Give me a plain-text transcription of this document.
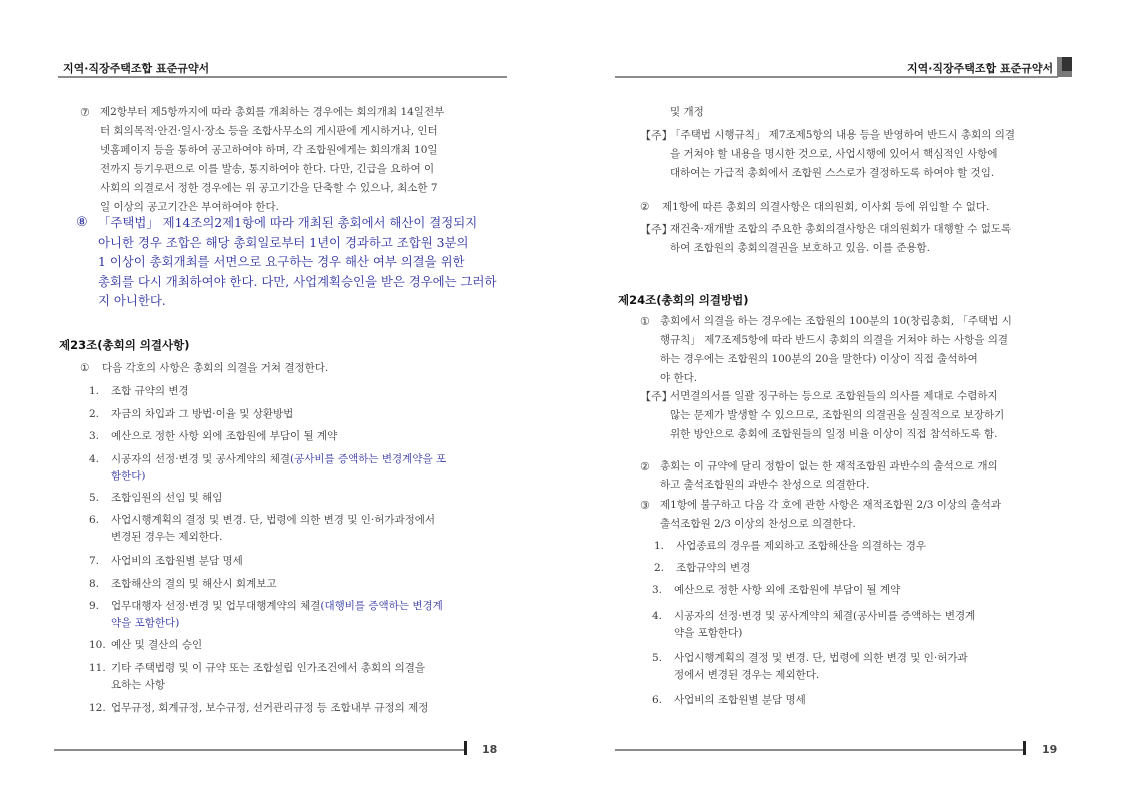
지역·직장주택조합 표준규약서
⑦ 제2항부터 제5항까지에 따라 총회를 개최하는 경우에는 회의개최 14일전부
터 회의목적·안건·일시·장소 등을 조합사무소의 게시판에 게시하거나, 인터
넷홈페이지 등을 통하여 공고하여야 하며, 각 조합원에게는 회의개최 10일
전까지 등기우편으로 이를 발송, 통지하여야 한다. 다만, 긴급을 요하여 이
사회의 의결로서 정한 경우에는 위 공고기간을 단축할 수 있으나, 최소한 7
일 이상의 공고기간은 부여하여야 한다.
⑧ 「주택법」 제14조의2제1항에 따라 개최된 총회에서 해산이 결정되지
아니한 경우 조합은 해당 총회일로부터 1년이 경과하고 조합원 3분의
1 이상이 총회개최를 서면으로 요구하는 경우 해산 여부 의결을 위한
총회를 다시 개최하여야 한다. 다만, 사업계획승인을 받은 경우에는 그러하
지 아니한다.
제23조(총회의 의결사항)
① 다음 각호의 사항은 총회의 의결을 거쳐 결정한다.
1. 조합 규약의 변경
2. 자금의 차입과 그 방법·이율 및 상환방법
3. 예산으로 정한 사항 외에 조합원에 부담이 될 계약
4. 시공자의 선정·변경 및 공사계약의 체결(공사비를 증액하는 변경계약을 포
함한다)
5. 조합임원의 선임 및 해임
6. 사업시행계획의 결정 및 변경. 단, 법령에 의한 변경 및 인·허가과정에서
변경된 경우는 제외한다.
7. 사업비의 조합원별 분담 명세
8. 조합해산의 결의 및 해산시 회계보고
9. 업무대행자 선정·변경 및 업무대행계약의 체결(대행비를 증액하는 변경계
약을 포함한다)
10. 예산 및 결산의 승인
11. 기타 주택법령 및 이 규약 또는 조합설립 인가조건에서 총회의 의결을
요하는 사항
12. 업무규정, 회계규정, 보수규정, 선거관리규정 등 조합내부 규정의 제정
18
지역·직장주택조합 표준규약서
및 개정
【주】
「주택법 시행규칙」 제7조제5항의 내용 등을 반영하여 반드시 총회의 의결
을 거쳐야 할 내용을 명시한 것으로, 사업시행에 있어서 핵심적인 사항에
대하여는 가급적 총회에서 조합원 스스로가 결정하도록 하여야 할 것임.
② 제1항에 따른 총회의 의결사항은 대의원회, 이사회 등에 위임할 수 없다.
【주】
재건축·재개발 조합의 주요한 총회의결사항은 대의원회가 대행할 수 없도록
하여 조합원의 총회의결권을 보호하고 있음. 이를 준용함.
제24조(총회의 의결방법)
① 총회에서 의결을 하는 경우에는 조합원의 100분의 10(창립총회, 「주택법 시
행규칙」 제7조제5항에 따라 반드시 총회의 의결을 거쳐야 하는 사항을 의결
하는 경우에는 조합원의 100분의 20을 말한다) 이상이 직접 출석하여
야 한다.
【주】
서면결의서를 일괄 징구하는 등으로 조합원들의 의사를 제대로 수렴하지
않는 문제가 발생할 수 있으므로, 조합원의 의결권을 실질적으로 보장하기
위한 방안으로 총회에 조합원들의 일정 비율 이상이 직접 참석하도록 함.
② 총회는 이 규약에 달리 정함이 없는 한 재적조합원 과반수의 출석으로 개의
하고 출석조합원의 과반수 찬성으로 의결한다.
③ 제1항에 불구하고 다음 각 호에 관한 사항은 재적조합원 2/3 이상의 출석과
출석조합원 2/3 이상의 찬성으로 의결한다.
1. 사업종료의 경우를 제외하고 조합해산을 의결하는 경우
2. 조합규약의 변경
3. 예산으로 정한 사항 외에 조합원에 부담이 될 계약
4. 시공자의 선정·변경 및 공사계약의 체결(공사비를 증액하는 변경계
약을 포함한다)
5. 사업시행계획의 결정 및 변경. 단, 법령에 의한 변경 및 인·허가과
정에서 변경된 경우는 제외한다.
6. 사업비의 조합원별 분담 명세
19
